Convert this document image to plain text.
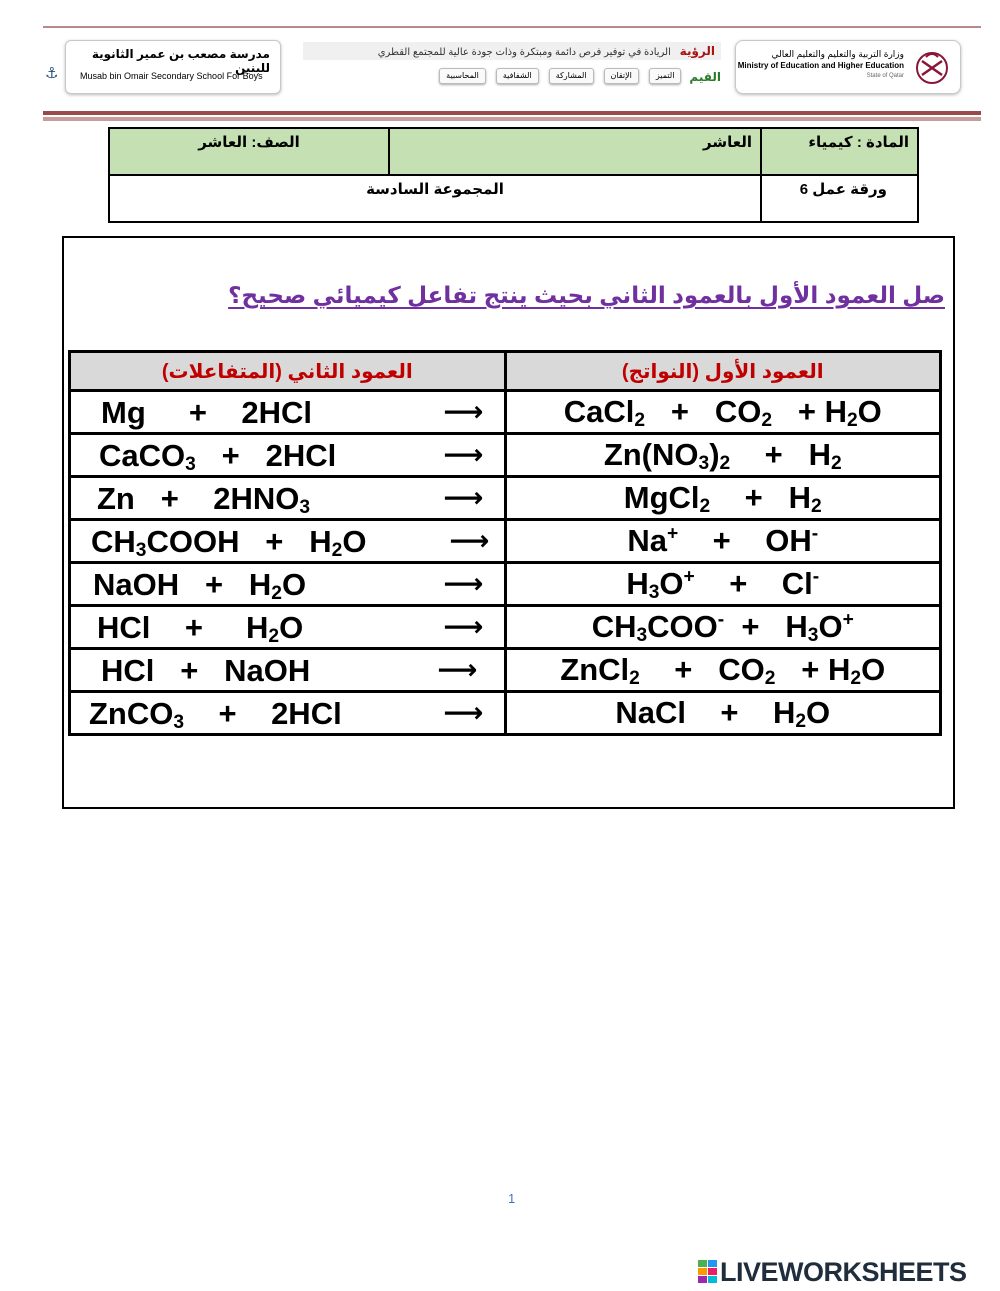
⚓
مدرسة مصعب بن عمير الثانوية للبنين
Musab bin Omair Secondary School For Boys
الرؤية الريادة في توفير فرص دائمة ومبتكرة وذات جودة عالية للمجتمع القطري
القيم
التميز
الإتقان
المشاركة
الشفافية
المحاسبية
وزارة التربية والتعليم والتعليم العالي
Ministry of Education and Higher Education
State of Qatar
المادة : كيمياء	العاشر	الصف: العاشر
ورقة عمل 6	المجموعة السادسة	
صل العمود الأول بالعمود الثاني بحيث ينتج تفاعل كيميائي صحيح؟
العمود الأول (النواتج)	العمود الثاني (المتفاعلات)
CaCl$_2$   +   $CO_2 + H_2O$	Mg     +    2HCl ⟶

$Zn(NO_3)_2$    +   $H_2$	CaCO$_3$   +   2HCl ⟶

MgCl$_2$    +   $H_2$	Zn   +    $2HNO_3$ ⟶

Na+    +    OH-	$CH_3COOH + H_2O$ ⟶

$H_3O^+$    +    Cl-	NaOH   +   $H_2O$ ⟶

$CH_3COO^- + H_3O^+$	HCl    +     $H_2O$ ⟶

ZnCl$_2$    +   $CO_2 + H_2O$	HCl   +   NaOH ⟶

NaCl    +    $H_2O$	ZnCO$_3$    +    2HCl ⟶
1
LIVEWORKSHEETS
